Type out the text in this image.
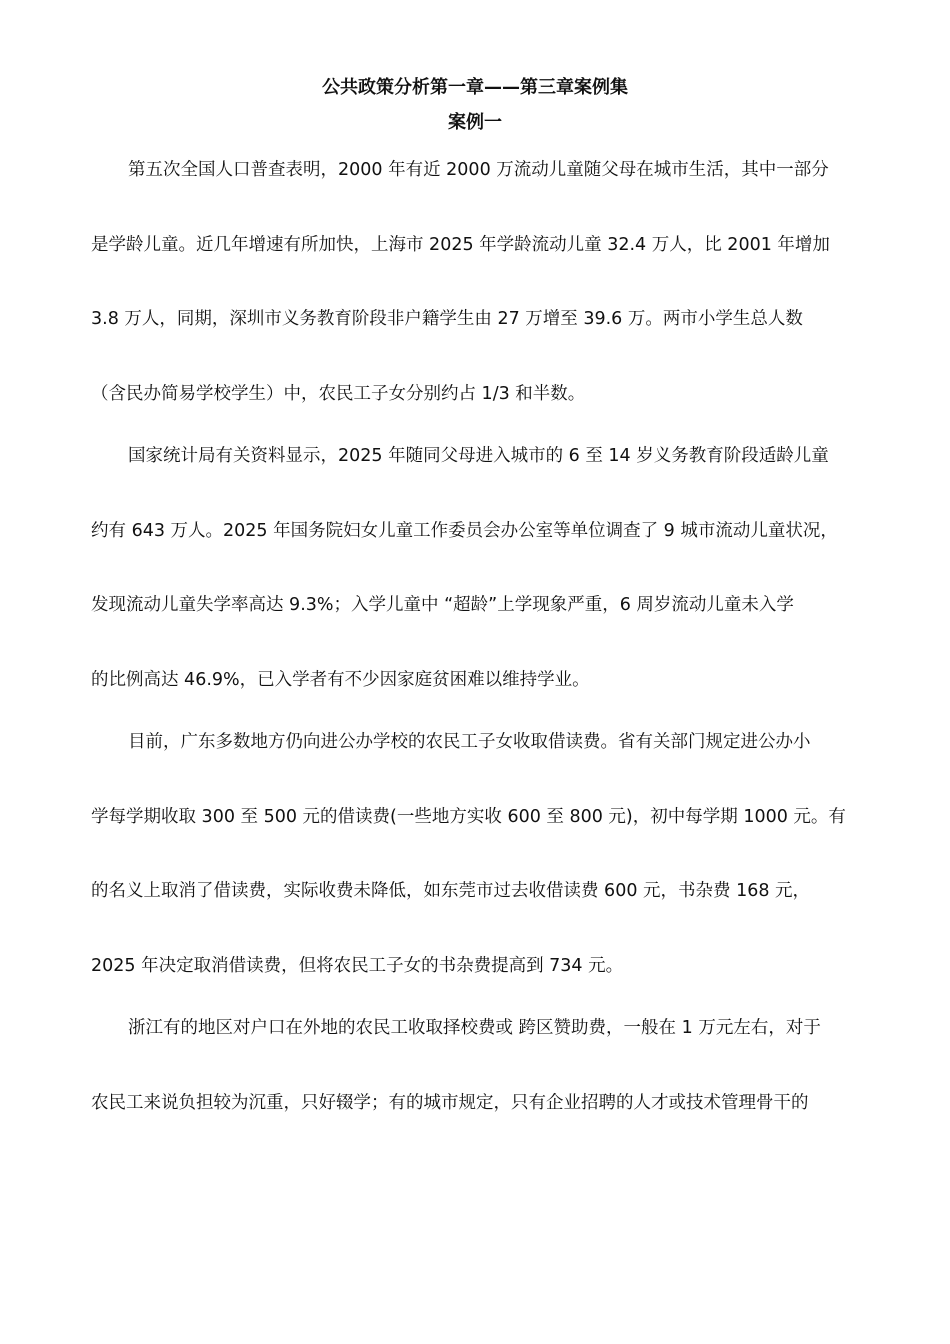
公共政策分析第一章——第三章案例集
案例一
第五次全国人口普查表明，2000 年有近 2000 万流动儿童随父母在城市生活，其中一部分
是学龄儿童。近几年增速有所加快，上海市 2025 年学龄流动儿童 32.4 万人，比 2001 年增加
3.8 万人，同期，深圳市义务教育阶段非户籍学生由 27 万增至 39.6 万。两市小学生总人数
（含民办简易学校学生）中，农民工子女分别约占 1/3 和半数。
国家统计局有关资料显示，2025 年随同父母进入城市的 6 至 14 岁义务教育阶段适龄儿童
约有 643 万人。2025 年国务院妇女儿童工作委员会办公室等单位调查了 9 城市流动儿童状况，
发现流动儿童失学率高达 9.3%；入学儿童中 “超龄”上学现象严重，6 周岁流动儿童未入学
的比例高达 46.9%，已入学者有不少因家庭贫困难以维持学业。
目前，广东多数地方仍向进公办学校的农民工子女收取借读费。省有关部门规定进公办小
学每学期收取 300 至 500 元的借读费(一些地方实收 600 至 800 元)，初中每学期 1000 元。有
的名义上取消了借读费，实际收费未降低，如东莞市过去收借读费 600 元，书杂费 168 元，
2025 年决定取消借读费，但将农民工子女的书杂费提高到 734 元。
浙江有的地区对户口在外地的农民工收取择校费或 跨区赞助费，一般在 1 万元左右，对于
农民工来说负担较为沉重，只好辍学；有的城市规定，只有企业招聘的人才或技术管理骨干的
